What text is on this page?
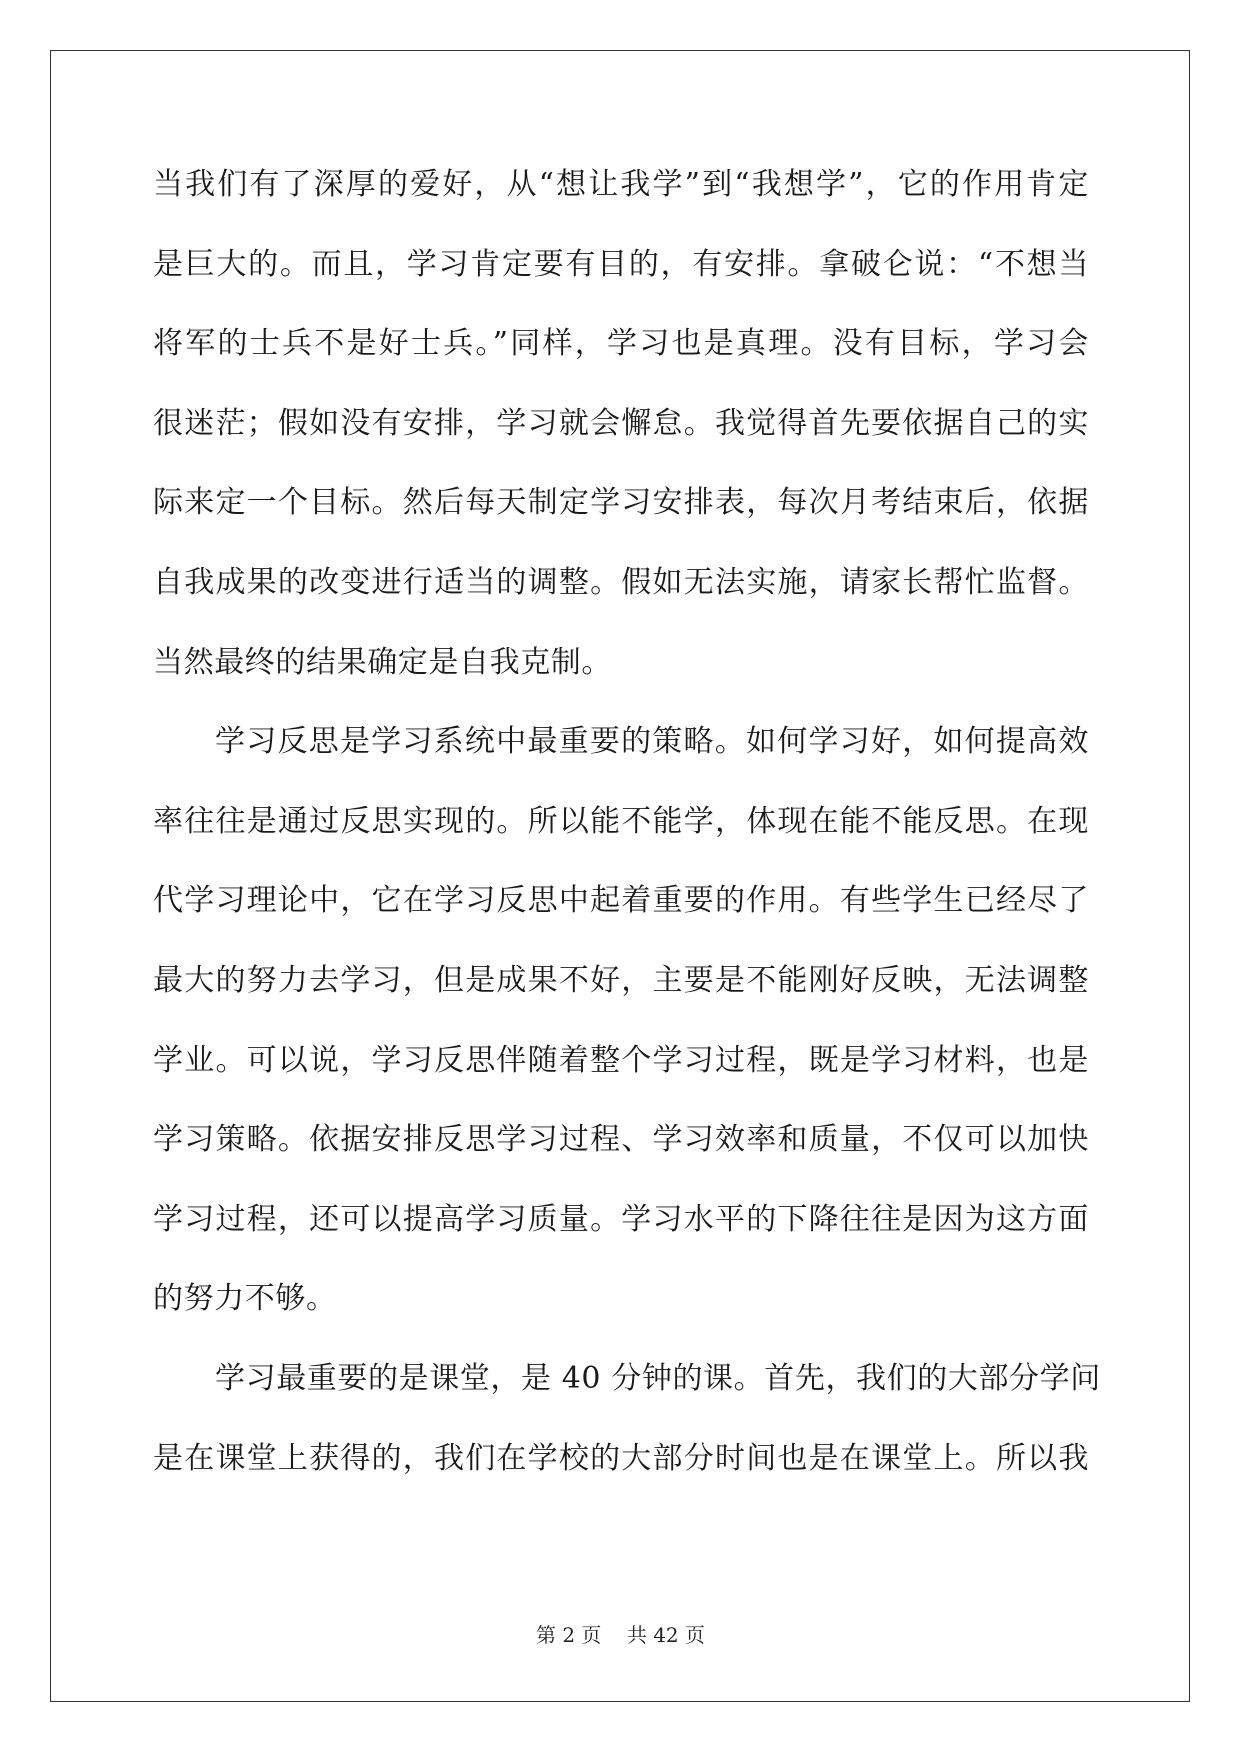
当我们有了深厚的爱好，从“想让我学”到“我想学”，它的作用肯定
是巨大的。而且，学习肯定要有目的，有安排。拿破仑说：“不想当
将军的士兵不是好士兵。”同样，学习也是真理。没有目标，学习会
很迷茫；假如没有安排，学习就会懈怠。我觉得首先要依据自己的实
际来定一个目标。然后每天制定学习安排表，每次月考结束后，依据
自我成果的改变进行适当的调整。假如无法实施，请家长帮忙监督。
当然最终的结果确定是自我克制。
学习反思是学习系统中最重要的策略。如何学习好，如何提高效
率往往是通过反思实现的。所以能不能学，体现在能不能反思。在现
代学习理论中，它在学习反思中起着重要的作用。有些学生已经尽了
最大的努力去学习，但是成果不好，主要是不能刚好反映，无法调整
学业。可以说，学习反思伴随着整个学习过程，既是学习材料，也是
学习策略。依据安排反思学习过程、学习效率和质量，不仅可以加快
学习过程，还可以提高学习质量。学习水平的下降往往是因为这方面
的努力不够。
学习最重要的是课堂，是 40 分钟的课。首先，我们的大部分学问
是在课堂上获得的，我们在学校的大部分时间也是在课堂上。所以我
第 2 页    共 42 页
